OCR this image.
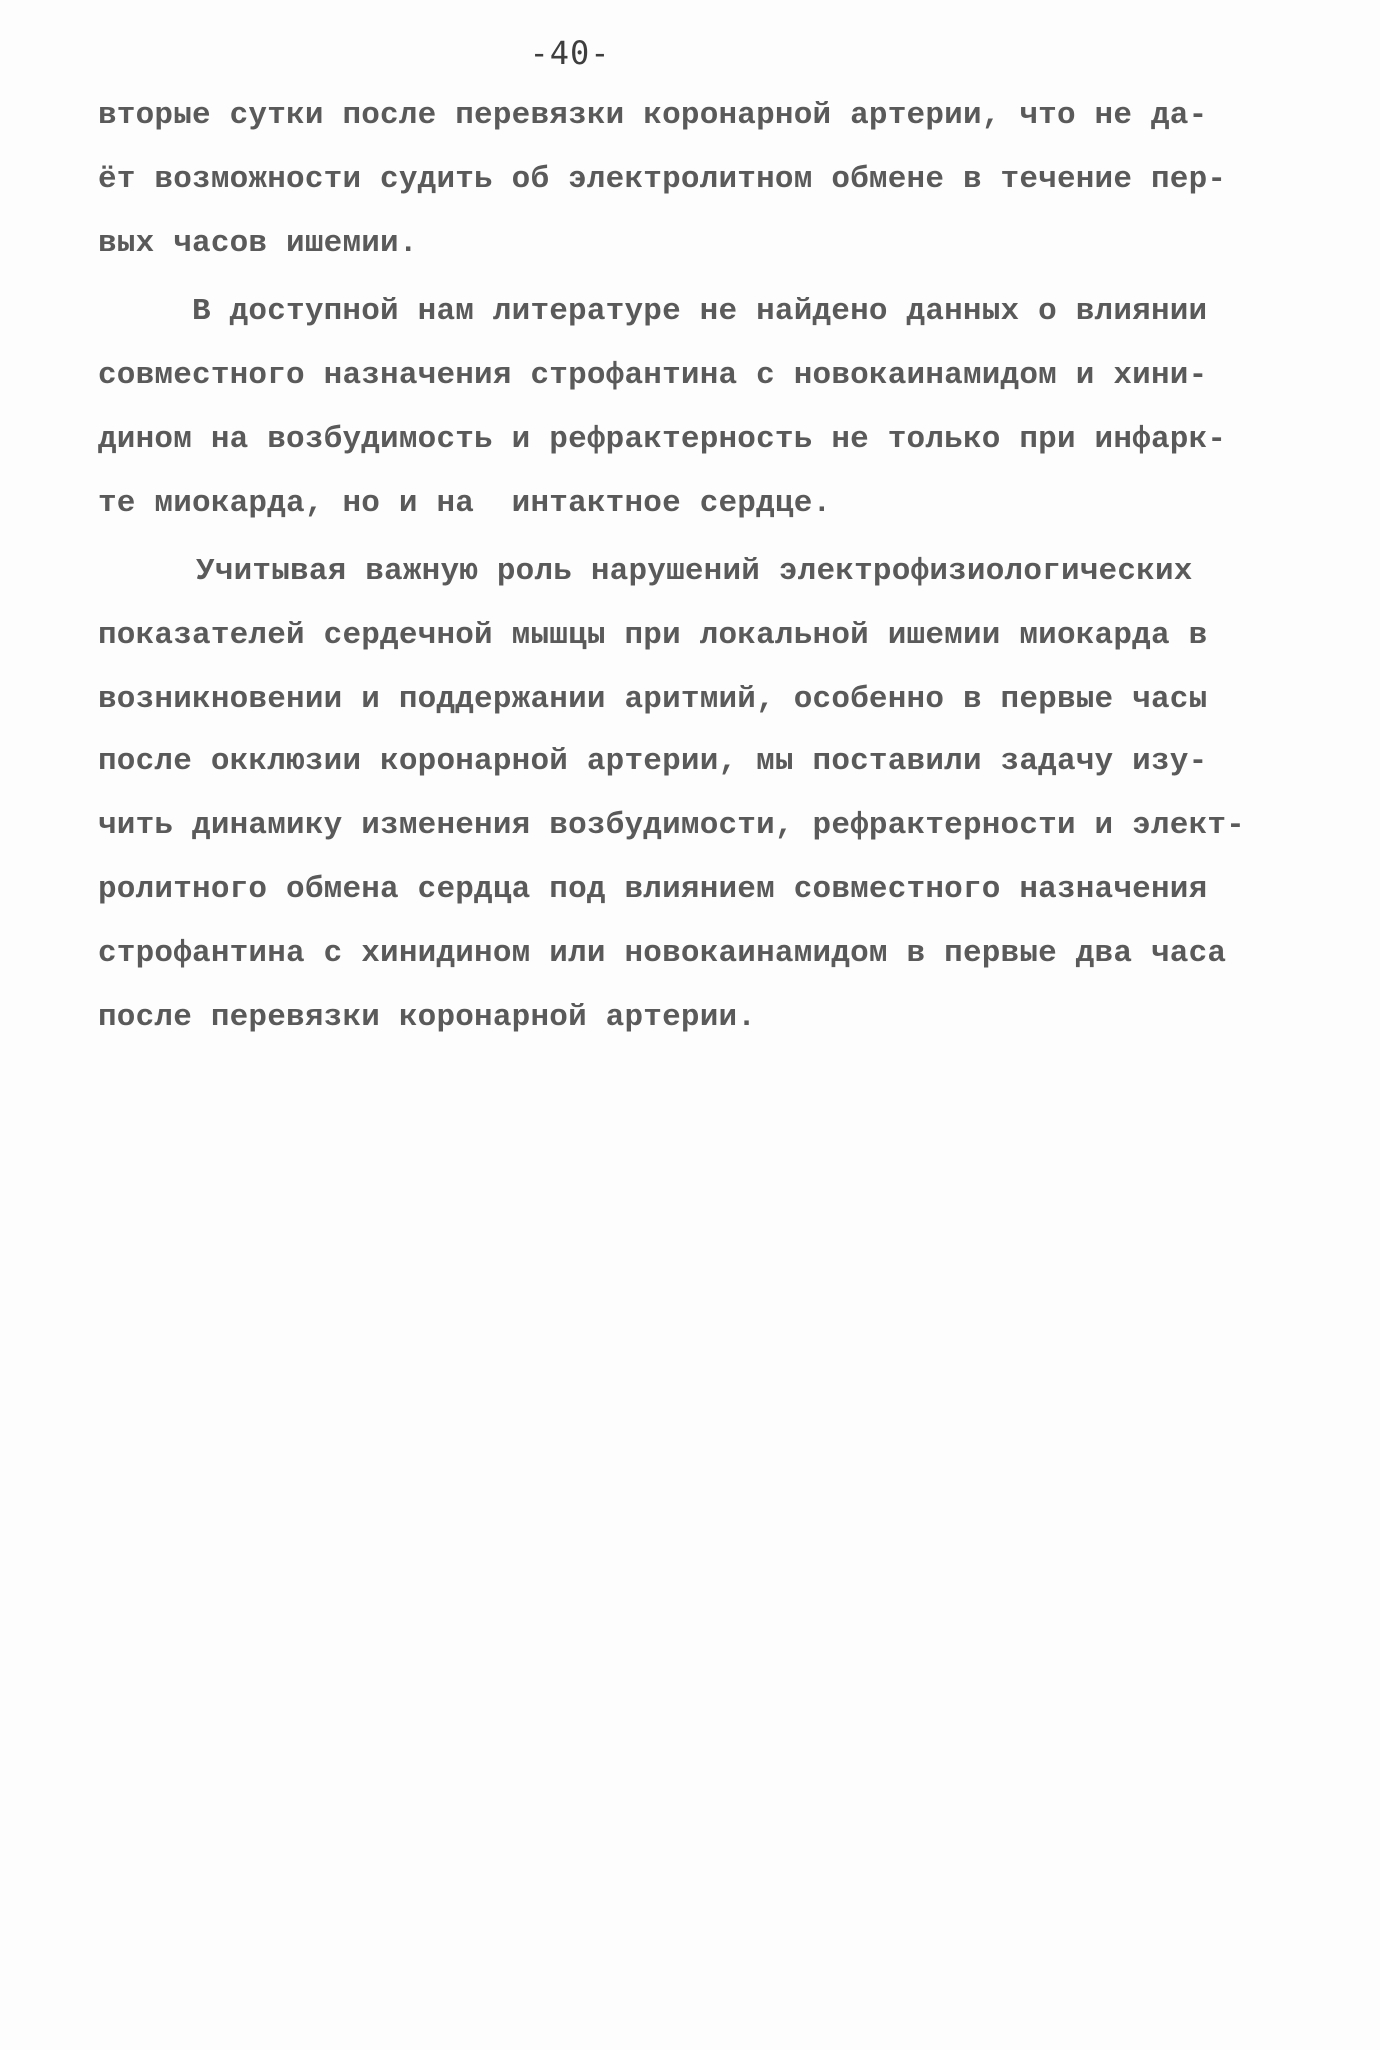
-40-
вторые сутки после перевязки коронарной артерии, что не да-
ёт возможности судить об электролитном обмене в течение пер-
вых часов ишемии.
В доступной нам литературе не найдено данных о влиянии
совместного назначения строфантина с новокаинамидом и хини-
дином на возбудимость и рефрактерность не только при инфарк-
те миокарда, но и на  интактное сердце.
Учитывая важную роль нарушений электрофизиологических
показателей сердечной мышцы при локальной ишемии миокарда в
возникновении и поддержании аритмий, особенно в первые часы
после окклюзии коронарной артерии, мы поставили задачу изу-
чить динамику изменения возбудимости, рефрактерности и элект-
ролитного обмена сердца под влиянием совместного назначения
строфантина с хинидином или новокаинамидом в первые два часа
после перевязки коронарной артерии.
